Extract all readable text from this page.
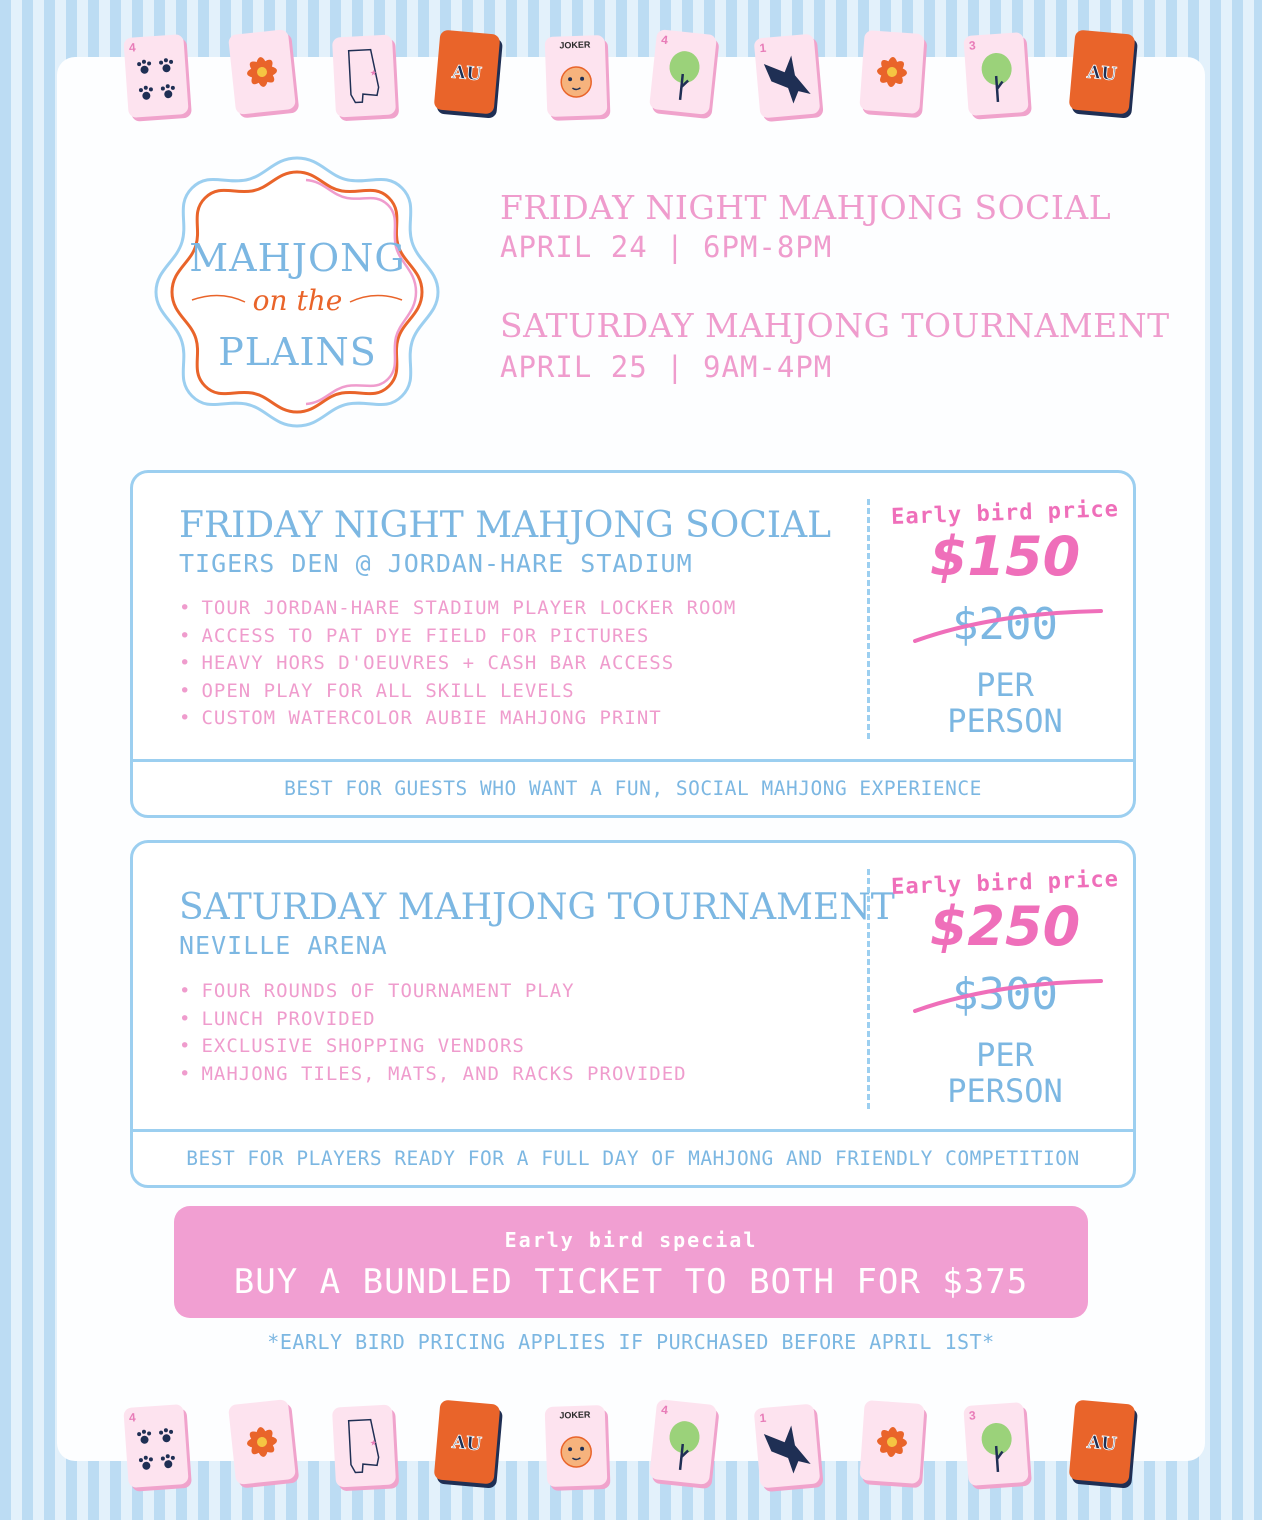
4
★	AU
JOKER	4
1	3
AU
MAHJONG
on the
PLAINS
FRIDAY NIGHT MAHJONG SOCIAL
APRIL 24 | 6PM-8PM
SATURDAY MAHJONG TOURNAMENT
APRIL 25 | 9AM-4PM
FRIDAY NIGHT MAHJONG SOCIAL
TIGERS DEN @ JORDAN-HARE STADIUM
• TOUR JORDAN-HARE STADIUM PLAYER LOCKER ROOM
• ACCESS TO PAT DYE FIELD FOR PICTURES
• HEAVY HORS D'OEUVRES + CASH BAR ACCESS
• OPEN PLAY FOR ALL SKILL LEVELS
• CUSTOM WATERCOLOR AUBIE MAHJONG PRINT
Early bird price
$150
$200
PER
PERSON
BEST FOR GUESTS WHO WANT A FUN, SOCIAL MAHJONG EXPERIENCE
SATURDAY MAHJONG TOURNAMENT
NEVILLE ARENA
• FOUR ROUNDS OF TOURNAMENT PLAY
• LUNCH PROVIDED
• EXCLUSIVE SHOPPING VENDORS
• MAHJONG TILES, MATS, AND RACKS PROVIDED
Early bird price
$250
$300
PER
PERSON
BEST FOR PLAYERS READY FOR A FULL DAY OF MAHJONG AND FRIENDLY COMPETITION
Early bird special
BUY A BUNDLED TICKET TO BOTH FOR $375
*EARLY BIRD PRICING APPLIES IF PURCHASED BEFORE APRIL 1ST*
4
★	AU
JOKER	4
1	3
AU
